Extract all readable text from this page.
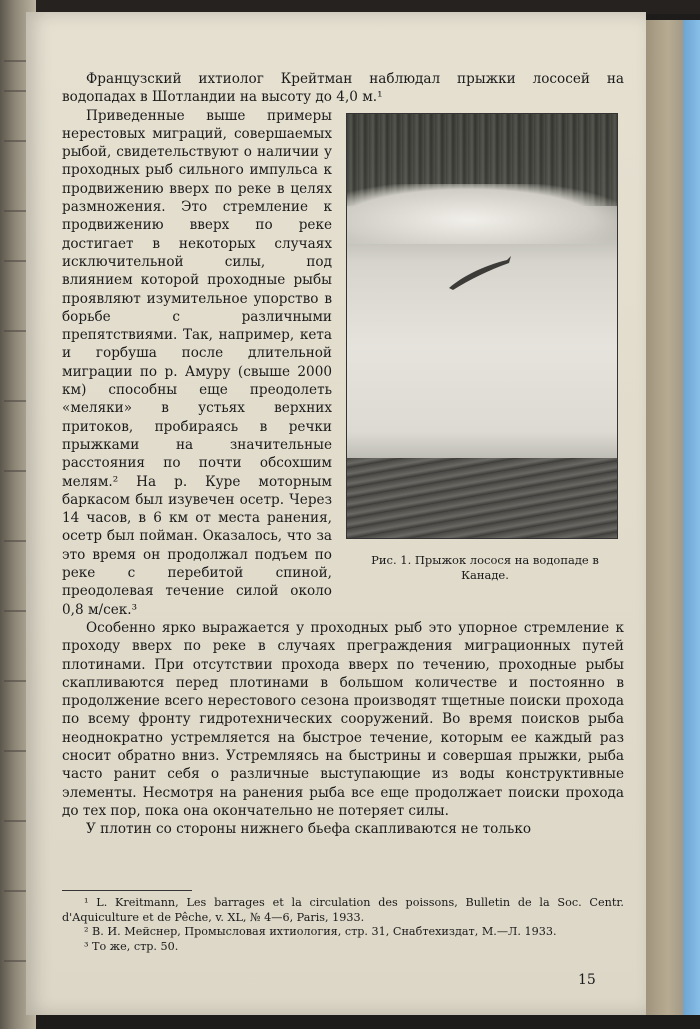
Французский ихтиолог Крейтман наблюдал прыжки лососей на водопадах в Шотландии на высоту до 4,0 м.¹

Рис. 1. Прыжок лосося на водопаде в Канаде.
Приведенные выше примеры нерестовых миграций, совершаемых рыбой, свидетельствуют о наличии у проходных рыб сильного импульса к продвижению вверх по реке в целях размножения. Это стремление к продвижению вверх по реке достигает в некоторых случаях исключительной силы, под влиянием которой проходные рыбы проявляют изумительное упорство в борьбе с различными препятствиями. Так, например, кета и горбуша после длительной миграции по р. Амуру (свыше 2000 км) способны еще преодолеть «меляки» в устьях верхних притоков, пробираясь в речки прыжками на значительные расстояния по почти обсохшим мелям.² На р. Куре моторным баркасом был изувечен осетр. Через 14 часов, в 6 км от места ранения, осетр был пойман. Оказалось, что за это время он продолжал подъем по реке с перебитой спиной, преодолевая течение силой около 0,8 м/сек.³

Особенно ярко выражается у проходных рыб это упорное стремление к проходу вверх по реке в случаях преграждения миграционных путей плотинами. При отсутствии прохода вверх по течению, проходные рыбы скапливаются перед плотинами в большом количестве и постоянно в продолжение всего нерестового сезона производят тщетные поиски прохода по всему фронту гидротехнических сооружений. Во время поисков рыба неоднократно устремляется на быстрое течение, которым ее каждый раз сносит обратно вниз. Устремляясь на быстрины и совершая прыжки, рыба часто ранит себя о различные выступающие из воды конструктивные элементы. Несмотря на ранения рыба все еще продолжает поиски прохода до тех пор, пока она окончательно не потеряет силы.

У плотин со стороны нижнего бьефа скапливаются не только

¹ L. Kreitmann, Les barrages et la circulation des poissons, Bulletin de la Soc. Centr. d'Aquiculture et de Pêche, v. XL, № 4—6, Paris, 1933.

² В. И. Мейснер, Промысловая ихтиология, стр. 31, Снабтехиздат, М.—Л. 1933.

³ То же, стр. 50.

15
